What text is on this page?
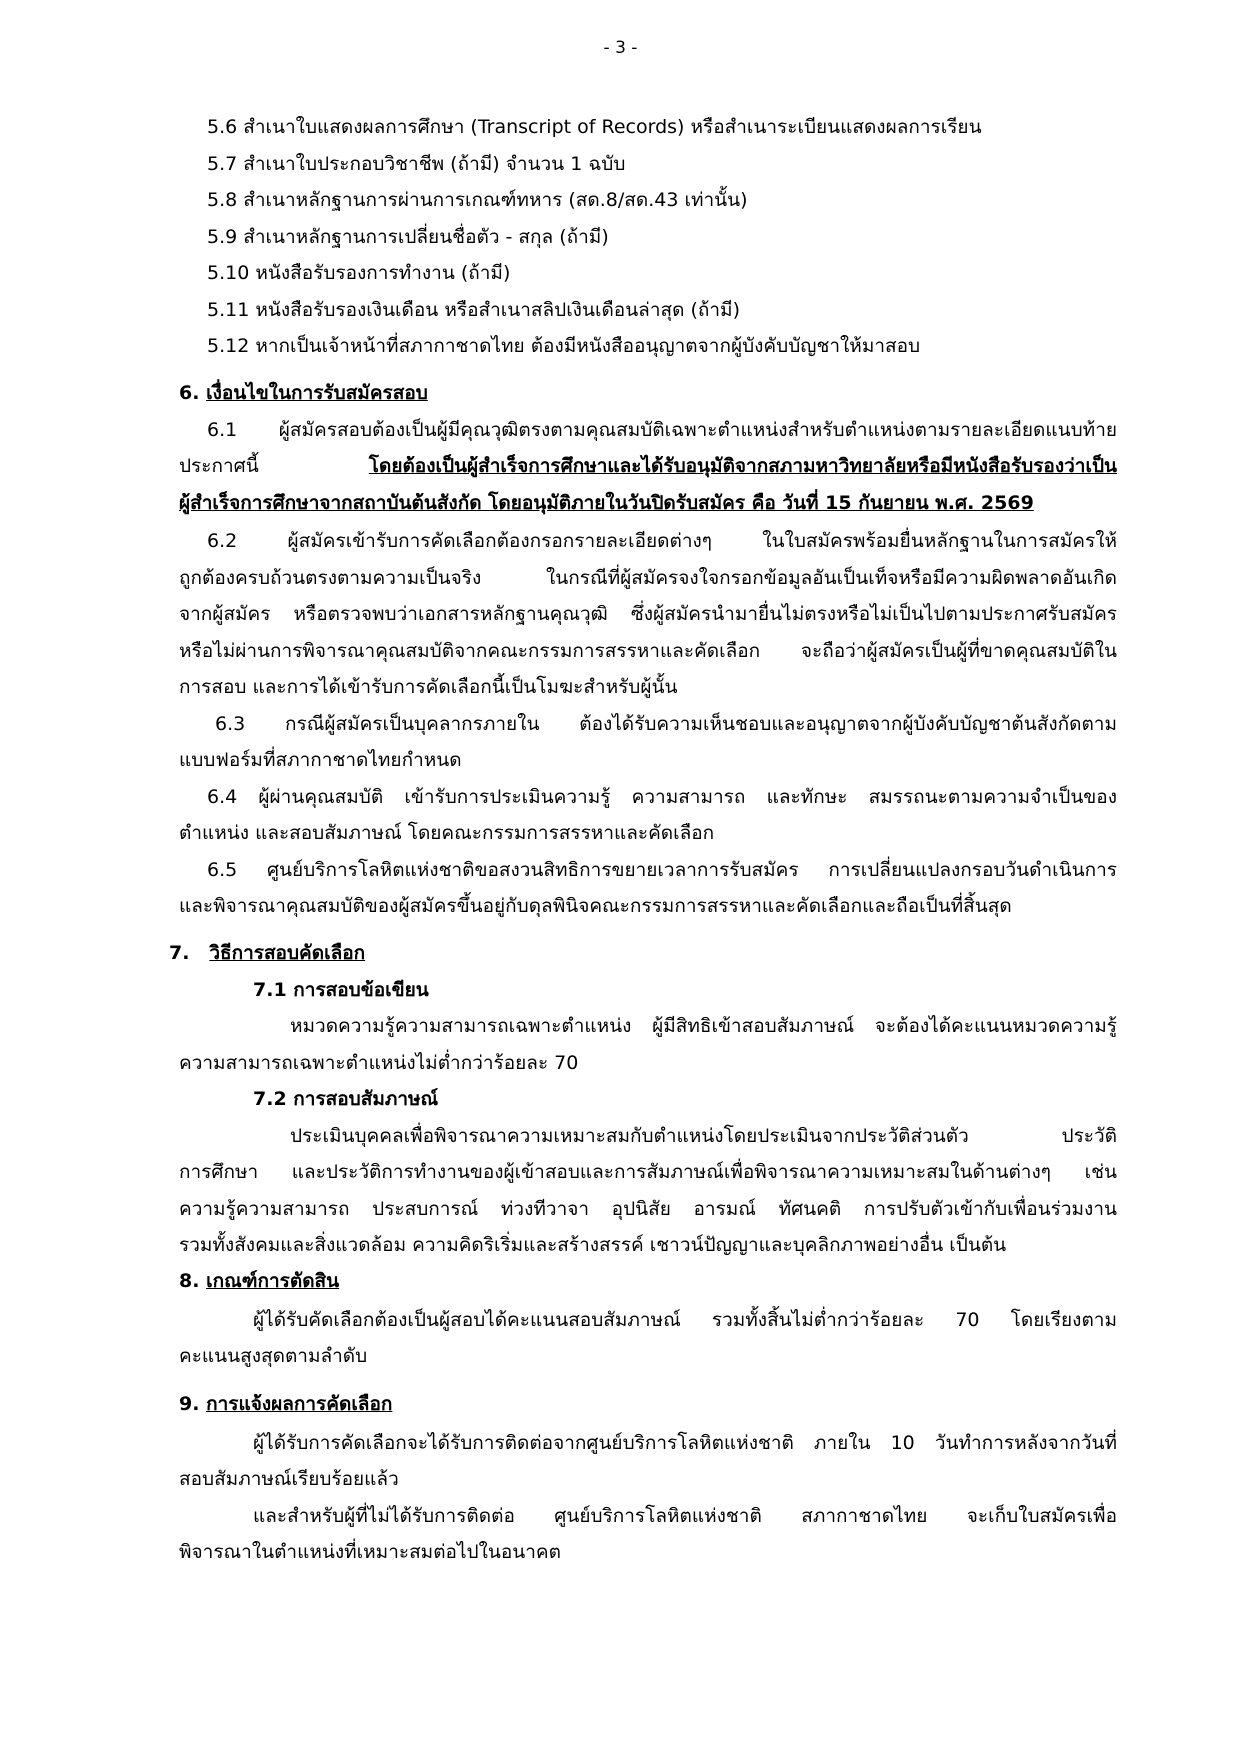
- 3 -
5.6 สำเนาใบแสดงผลการศึกษา (Transcript of Records) หรือสำเนาระเบียนแสดงผลการเรียน
5.7 สำเนาใบประกอบวิชาชีพ (ถ้ามี) จำนวน 1 ฉบับ
5.8 สำเนาหลักฐานการผ่านการเกณฑ์ทหาร (สด.8/สด.43 เท่านั้น)
5.9 สำเนาหลักฐานการเปลี่ยนชื่อตัว - สกุล (ถ้ามี)
5.10 หนังสือรับรองการทำงาน (ถ้ามี)
5.11 หนังสือรับรองเงินเดือน หรือสำเนาสลิปเงินเดือนล่าสุด (ถ้ามี)
5.12 หากเป็นเจ้าหน้าที่สภากาชาดไทย ต้องมีหนังสืออนุญาตจากผู้บังคับบัญชาให้มาสอบ
6. เงื่อนไขในการรับสมัครสอบ
6.1 ผู้สมัครสอบต้องเป็นผู้มีคุณวุฒิตรงตามคุณสมบัติเฉพาะตำแหน่งสำหรับตำแหน่งตามรายละเอียดแนบท้าย
ประกาศนี้ โดยต้องเป็นผู้สำเร็จการศึกษาและได้รับอนุมัติจากสภามหาวิทยาลัยหรือมีหนังสือรับรองว่าเป็น
ผู้สำเร็จการศึกษาจากสถาบันต้นสังกัด โดยอนุมัติภายในวันปิดรับสมัคร คือ วันที่ 15 กันยายน พ.ศ. 2569
6.2 ผู้สมัครเข้ารับการคัดเลือกต้องกรอกรายละเอียดต่างๆ ในใบสมัครพร้อมยื่นหลักฐานในการสมัครให้
ถูกต้องครบถ้วนตรงตามความเป็นจริง ในกรณีที่ผู้สมัครจงใจกรอกข้อมูลอันเป็นเท็จหรือมีความผิดพลาดอันเกิด
จากผู้สมัคร หรือตรวจพบว่าเอกสารหลักฐานคุณวุฒิ ซึ่งผู้สมัครนำมายื่นไม่ตรงหรือไม่เป็นไปตามประกาศรับสมัคร
หรือไม่ผ่านการพิจารณาคุณสมบัติจากคณะกรรมการสรรหาและคัดเลือก จะถือว่าผู้สมัครเป็นผู้ที่ขาดคุณสมบัติใน
การสอบ และการได้เข้ารับการคัดเลือกนี้เป็นโมฆะสำหรับผู้นั้น
6.3 กรณีผู้สมัครเป็นบุคลากรภายใน ต้องได้รับความเห็นชอบและอนุญาตจากผู้บังคับบัญชาต้นสังกัดตาม
แบบฟอร์มที่สภากาชาดไทยกำหนด
6.4 ผู้ผ่านคุณสมบัติ เข้ารับการประเมินความรู้ ความสามารถ และทักษะ สมรรถนะตามความจำเป็นของ
ตำแหน่ง และสอบสัมภาษณ์ โดยคณะกรรมการสรรหาและคัดเลือก
6.5 ศูนย์บริการโลหิตแห่งชาติขอสงวนสิทธิการขยายเวลาการรับสมัคร การเปลี่ยนแปลงกรอบวันดำเนินการ
และพิจารณาคุณสมบัติของผู้สมัครขึ้นอยู่กับดุลพินิจคณะกรรมการสรรหาและคัดเลือกและถือเป็นที่สิ้นสุด
7. วิธีการสอบคัดเลือก
7.1 การสอบข้อเขียน
หมวดความรู้ความสามารถเฉพาะตำแหน่ง ผู้มีสิทธิเข้าสอบสัมภาษณ์ จะต้องได้คะแนนหมวดความรู้
ความสามารถเฉพาะตำแหน่งไม่ต่ำกว่าร้อยละ 70
7.2 การสอบสัมภาษณ์
ประเมินบุคคลเพื่อพิจารณาความเหมาะสมกับตำแหน่งโดยประเมินจากประวัติส่วนตัว ประวัติ
การศึกษา และประวัติการทำงานของผู้เข้าสอบและการสัมภาษณ์เพื่อพิจารณาความเหมาะสมในด้านต่างๆ เช่น
ความรู้ความสามารถ ประสบการณ์ ท่วงทีวาจา อุปนิสัย อารมณ์ ทัศนคติ การปรับตัวเข้ากับเพื่อนร่วมงาน
รวมทั้งสังคมและสิ่งแวดล้อม ความคิดริเริ่มและสร้างสรรค์ เชาวน์ปัญญาและบุคลิกภาพอย่างอื่น เป็นต้น
8. เกณฑ์การตัดสิน
ผู้ได้รับคัดเลือกต้องเป็นผู้สอบได้คะแนนสอบสัมภาษณ์ รวมทั้งสิ้นไม่ต่ำกว่าร้อยละ 70 โดยเรียงตาม
คะแนนสูงสุดตามลำดับ
9. การแจ้งผลการคัดเลือก
ผู้ได้รับการคัดเลือกจะได้รับการติดต่อจากศูนย์บริการโลหิตแห่งชาติ ภายใน 10 วันทำการหลังจากวันที่
สอบสัมภาษณ์เรียบร้อยแล้ว
และสำหรับผู้ที่ไม่ได้รับการติดต่อ ศูนย์บริการโลหิตแห่งชาติ สภากาชาดไทย จะเก็บใบสมัครเพื่อ
พิจารณาในตำแหน่งที่เหมาะสมต่อไปในอนาคต
